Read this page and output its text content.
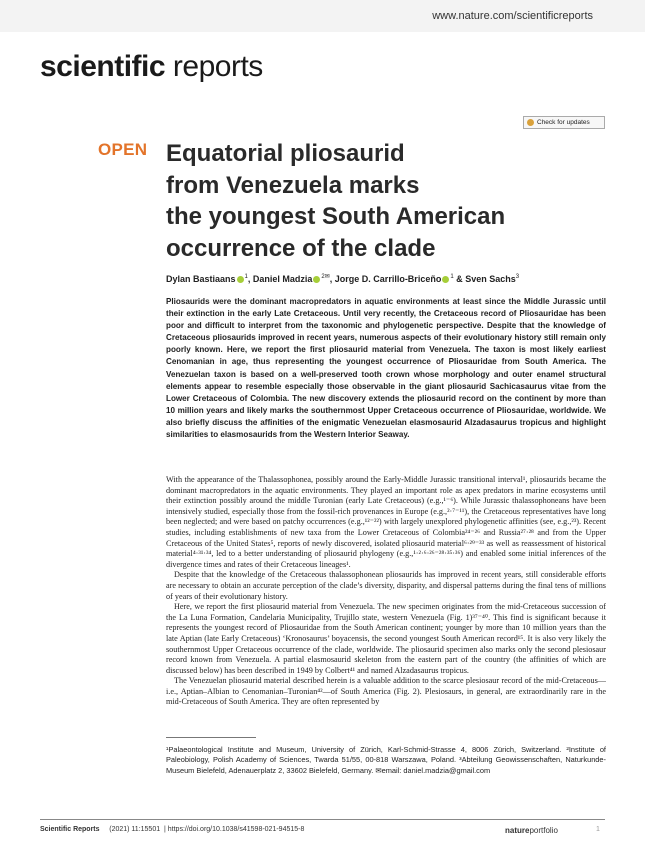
www.nature.com/scientificreports
scientific reports
Check for updates
OPEN Equatorial pliosaurid
from Venezuela marks
the youngest South American
occurrence of the clade
Dylan Bastiaans $^1$, Daniel Madzia $^{2✉}$, Jorge D. Carrillo-Briceño $^1$ & Sven Sachs$^3$

Pliosaurids were the dominant macropredators in aquatic environments at least since the Middle Jurassic until their extinction in the early Late Cretaceous. Until very recently, the Cretaceous record of Pliosauridae has been poor and difficult to interpret from the taxonomic and phylogenetic perspective. Despite that the knowledge of Cretaceous pliosaurids improved in recent years, numerous aspects of their evolutionary history still remain only poorly known. Here, we report the first pliosaurid material from Venezuela. The taxon is most likely earliest Cenomanian in age, thus representing the youngest occurrence of Pliosauridae from South America. The Venezuelan taxon is based on a well-preserved tooth crown whose morphology and outer enamel structural elements appear to resemble especially those observable in the giant pliosaurid Sachicasaurus vitae from the Lower Cretaceous of Colombia. The new discovery extends the pliosaurid record on the continent by more than 10 million years and likely marks the southernmost Upper Cretaceous occurrence of Pliosauridae, worldwide. We also briefly discuss the affinities of the enigmatic Venezuelan elasmosaurid Alzadasaurus tropicus and highlight similarities to elasmosaurids from the Western Interior Seaway.

With the appearance of the Thalassophonea, possibly around the Early-Middle Jurassic transitional interval¹, pliosaurids became the dominant macropredators in the aquatic environments. They played an important role as apex predators in marine ecosystems until their extinction possibly around the middle Turonian (early Late Cretaceous) (e.g.,¹⁻⁶). While Jurassic thalassophoneans have been intensively studied, especially those from the fossil-rich provenances in Europe (e.g.,²·⁷⁻¹¹), the Cretaceous representatives have long been neglected; and were based on patchy occurrences (e.g.,¹²⁻²²) with largely unexplored phylogenetic affinities (see, e.g.,²³). Recent studies, including establishments of new taxa from the Lower Cretaceous of Colombia²⁴⁻²⁶ and Russia²⁷·²⁸ and from the Upper Cretaceous of the United States⁵, reports of newly discovered, isolated pliosaurid material⁶·²⁹⁻³³ as well as reassessment of historical material⁴·³¹·³⁴, led to a better understanding of pliosaurid phylogeny (e.g.,¹·²·⁶·²⁶⁻²⁸·³⁵·³⁶) and enabled some initial inferences of the divergence times and rates of their Cretaceous lineages¹.

Despite that the knowledge of the Cretaceous thalassophonean pliosaurids has improved in recent years, still considerable efforts are necessary to obtain an accurate perception of the clade’s diversity, disparity, and dispersal patterns during the final tens of millions of years of their evolutionary history.

Here, we report the first pliosaurid material from Venezuela. The new specimen originates from the mid-Cretaceous succession of the La Luna Formation, Candelaria Municipality, Trujillo state, western Venezuela (Fig. 1)³⁷⁻⁴⁰. This find is significant because it represents the youngest record of Pliosauridae from the South American continent; younger by more than 10 million years than the late Aptian (late Early Cretaceous) ‘Kronosaurus’ boyacensis, the second youngest South American record¹⁵. It is also very likely the southernmost Upper Cretaceous occurrence of the clade, worldwide. The pliosaurid specimen also marks only the second plesiosaur record known from Venezuela. A partial elasmosaurid skeleton from the eastern part of the country (the affinities of which are discussed below) has been described in 1949 by Colbert⁴¹ and named Alzadasaurus tropicus.

The Venezuelan pliosaurid material described herein is a valuable addition to the scarce plesiosaur record of the mid-Cretaceous—i.e., Aptian–Albian to Cenomanian–Turonian⁴²—of South America (Fig. 2). Plesiosaurs, in general, are extraordinarily rare in the mid-Cretaceous of South America. They are often represented by

¹Palaeontological Institute and Museum, University of Zürich, Karl-Schmid-Strasse 4, 8006 Zürich, Switzerland. ²Institute of Paleobiology, Polish Academy of Sciences, Twarda 51/55, 00-818 Warszawa, Poland. ³Abteilung Geowissenschaften, Naturkunde-Museum Bielefeld, Adenauerplatz 2, 33602 Bielefeld, Germany. ✉email: daniel.madzia@gmail.com
Scientific Reports (2021) 11:15501 | https://doi.org/10.1038/s41598-021-94515-8	natureportfolio	1
